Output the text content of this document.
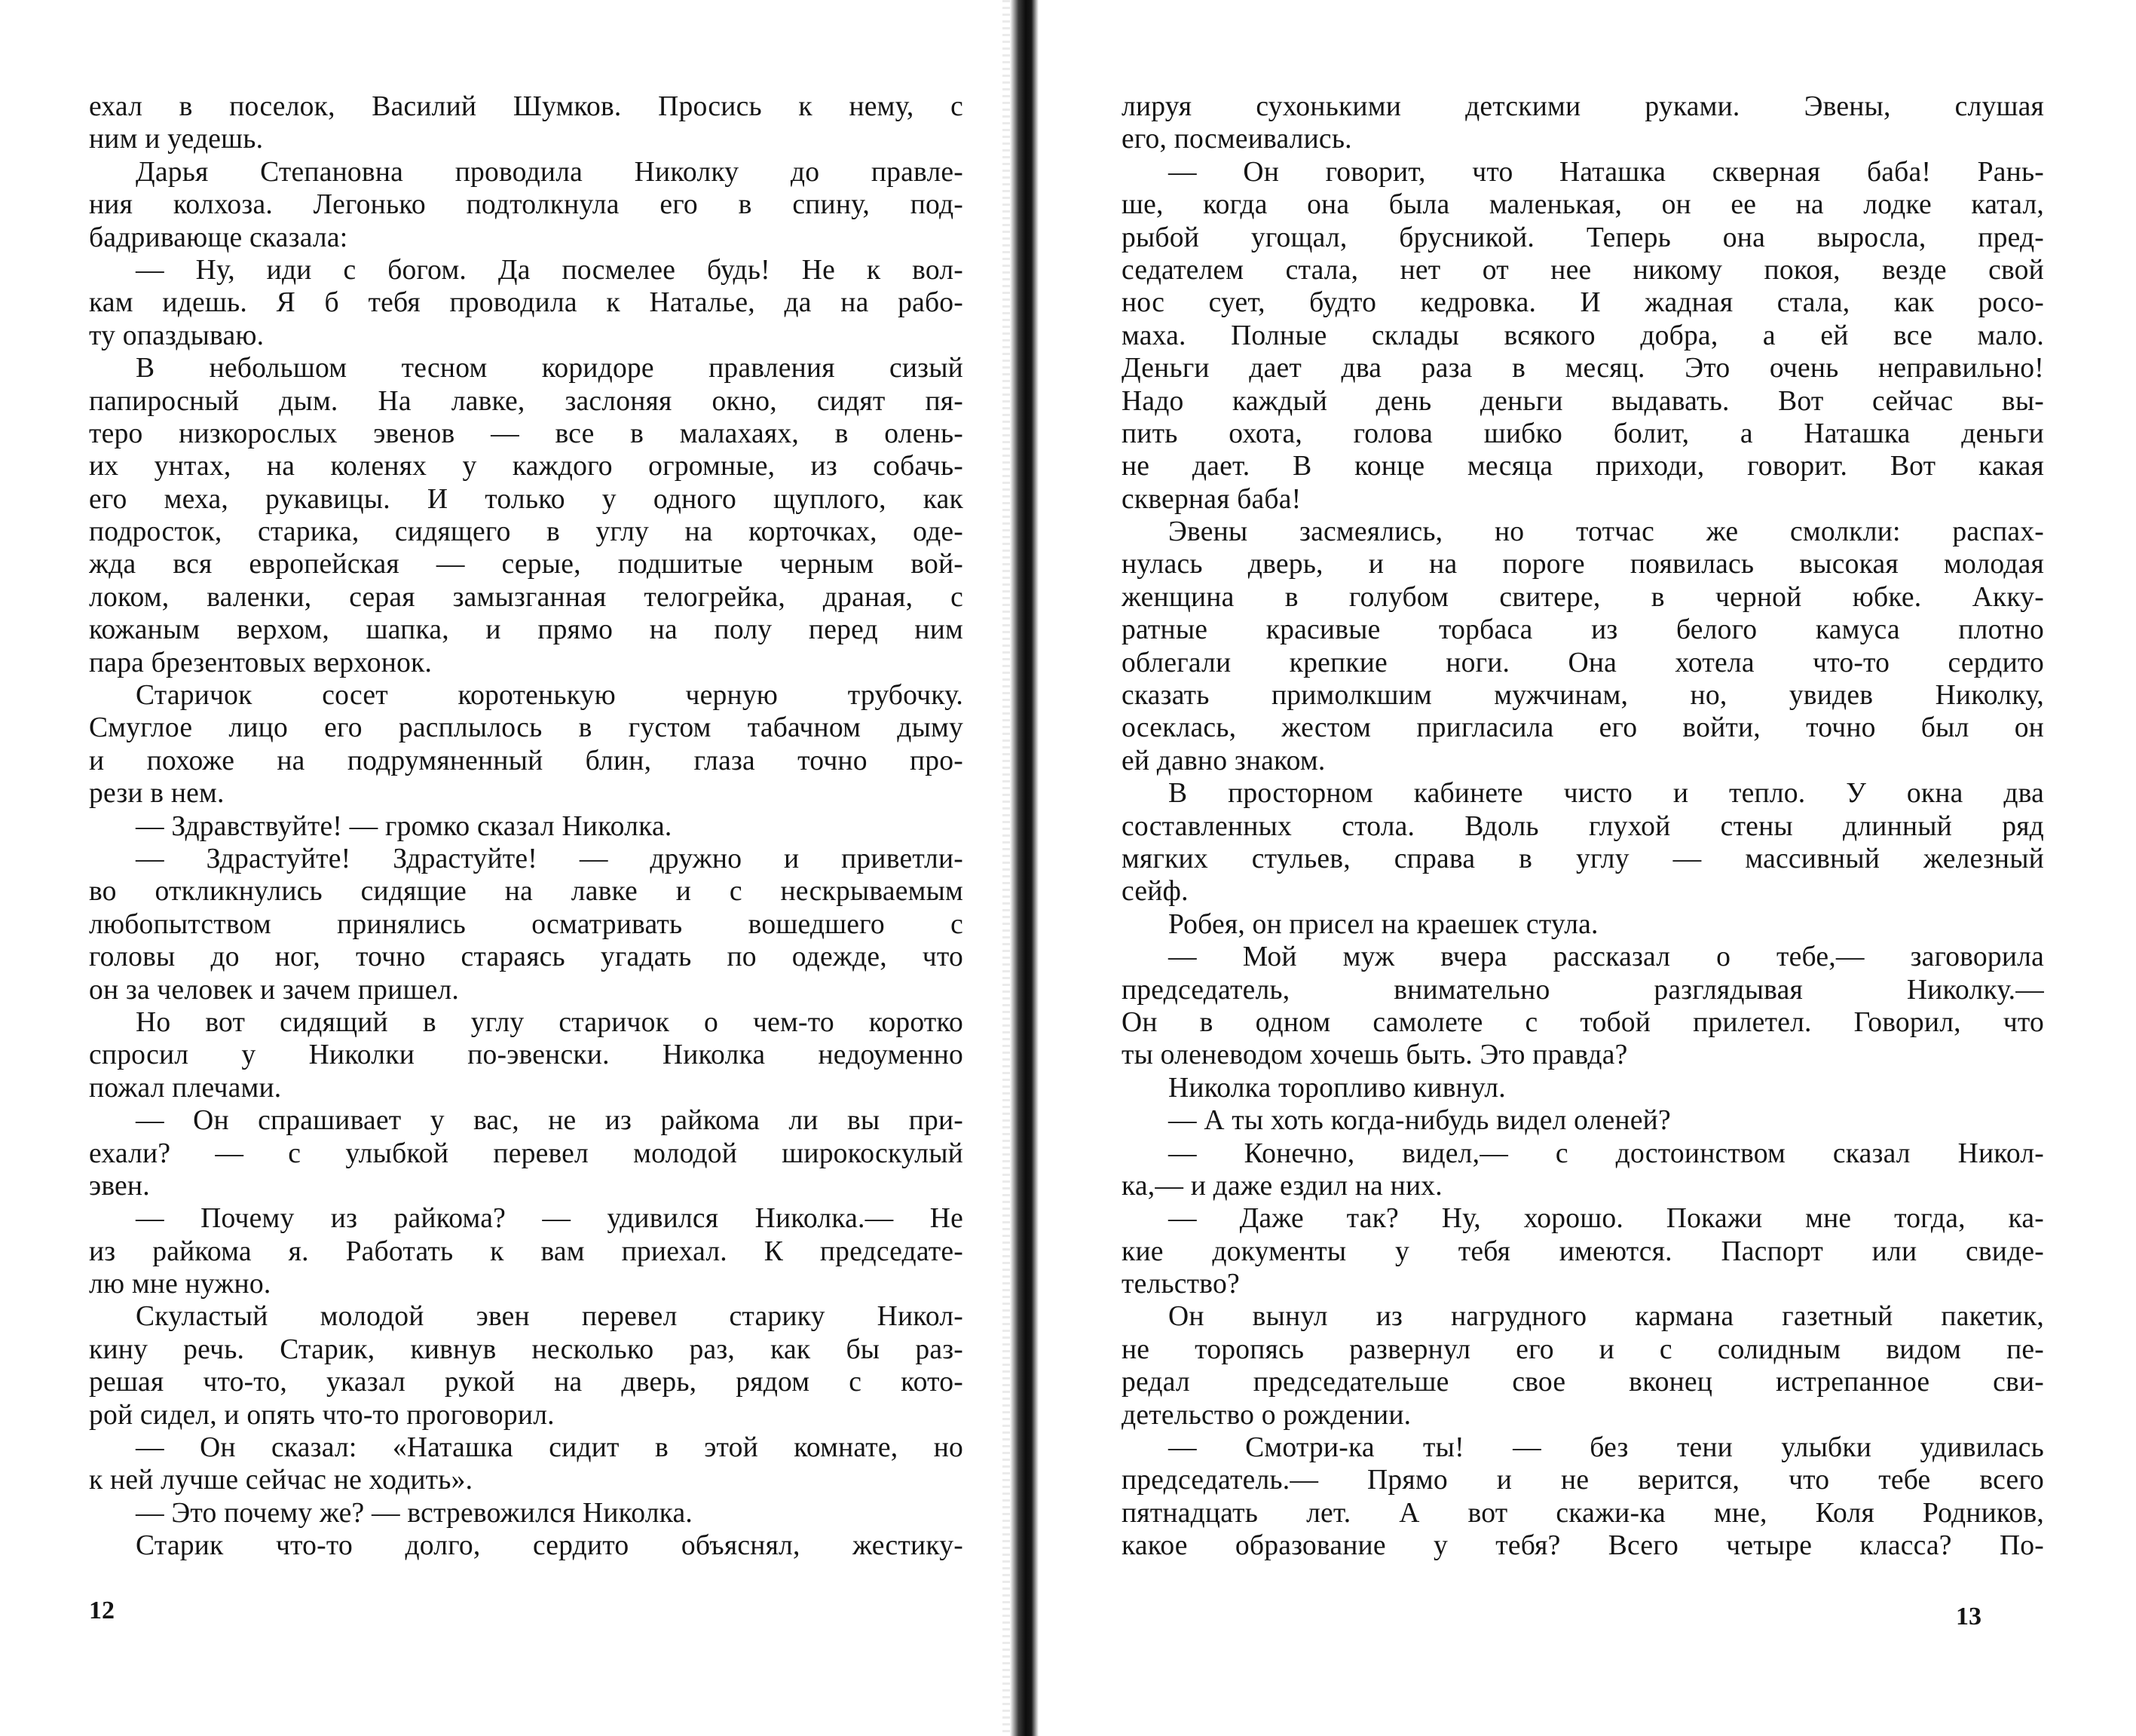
ехал в поселок, Василий Шумков. Просись к нему, с
ним и уедешь.
Дарья Степановна проводила Николку до правле-
ния колхоза. Легонько подтолкнула его в спину, под-
бадривающе сказала:
— Ну, иди с богом. Да посмелее будь! Не к вол-
кам идешь. Я б тебя проводила к Наталье, да на рабо-
ту опаздываю.
В небольшом тесном коридоре правления сизый
папиросный дым. На лавке, заслоняя окно, сидят пя-
теро низкорослых эвенов — все в малахаях, в олень-
их унтах, на коленях у каждого огромные, из собачь-
его меха, рукавицы. И только у одного щуплого, как
подросток, старика, сидящего в углу на корточках, оде-
жда вся европейская — серые, подшитые черным вой-
локом, валенки, серая замызганная телогрейка, драная, с
кожаным верхом, шапка, и прямо на полу перед ним
пара брезентовых верхонок.
Старичок сосет коротенькую черную трубочку.
Смуглое лицо его расплылось в густом табачном дыму
и похоже на подрумяненный блин, глаза точно про-
рези в нем.
— Здравствуйте! — громко сказал Николка.
— Здрастуйте! Здрастуйте! — дружно и приветли-
во откликнулись сидящие на лавке и с нескрываемым
любопытством принялись осматривать вошедшего с
головы до ног, точно стараясь угадать по одежде, что
он за человек и зачем пришел.
Но вот сидящий в углу старичок о чем-то коротко
спросил у Николки по-эвенски. Николка недоуменно
пожал плечами.
— Он спрашивает у вас, не из райкома ли вы при-
ехали? — с улыбкой перевел молодой широкоскулый
эвен.
— Почему из райкома? — удивился Николка.— Не
из райкома я. Работать к вам приехал. К председате-
лю мне нужно.
Скуластый молодой эвен перевел старику Никол-
кину речь. Старик, кивнув несколько раз, как бы раз-
решая что-то, указал рукой на дверь, рядом с кото-
рой сидел, и опять что-то проговорил.
— Он сказал: «Наташка сидит в этой комнате, но
к ней лучше сейчас не ходить».
— Это почему же? — встревожился Николка.
Старик что-то долго, сердито объяснял, жестику-
12
лируя сухонькими детскими руками. Эвены, слушая
его, посмеивались.
— Он говорит, что Наташка скверная баба! Рань-
ше, когда она была маленькая, он ее на лодке катал,
рыбой угощал, брусникой. Теперь она выросла, пред-
седателем стала, нет от нее никому покоя, везде свой
нос сует, будто кедровка. И жадная стала, как росо-
маха. Полные склады всякого добра, а ей все мало.
Деньги дает два раза в месяц. Это очень неправильно!
Надо каждый день деньги выдавать. Вот сейчас вы-
пить охота, голова шибко болит, а Наташка деньги
не дает. В конце месяца приходи, говорит. Вот какая
скверная баба!
Эвены засмеялись, но тотчас же смолкли: распах-
нулась дверь, и на пороге появилась высокая молодая
женщина в голубом свитере, в черной юбке. Акку-
ратные красивые торбаса из белого камуса плотно
облегали крепкие ноги. Она хотела что-то сердито
сказать примолкшим мужчинам, но, увидев Николку,
осеклась, жестом пригласила его войти, точно был он
ей давно знаком.
В просторном кабинете чисто и тепло. У окна два
составленных стола. Вдоль глухой стены длинный ряд
мягких стульев, справа в углу — массивный железный
сейф.
Робея, он присел на краешек стула.
— Мой муж вчера рассказал о тебе,— заговорила
председатель, внимательно разглядывая Николку.—
Он в одном самолете с тобой прилетел. Говорил, что
ты оленеводом хочешь быть. Это правда?
Николка торопливо кивнул.
— А ты хоть когда-нибудь видел оленей?
— Конечно, видел,— с достоинством сказал Никол-
ка,— и даже ездил на них.
— Даже так? Ну, хорошо. Покажи мне тогда, ка-
кие документы у тебя имеются. Паспорт или свиде-
тельство?
Он вынул из нагрудного кармана газетный пакетик,
не торопясь развернул его и с солидным видом пе-
редал председательше свое вконец истрепанное сви-
детельство о рождении.
— Смотри-ка ты! — без тени улыбки удивилась
председатель.— Прямо и не верится, что тебе всего
пятнадцать лет. А вот скажи-ка мне, Коля Родников,
какое образование у тебя? Всего четыре класса? По-
13
